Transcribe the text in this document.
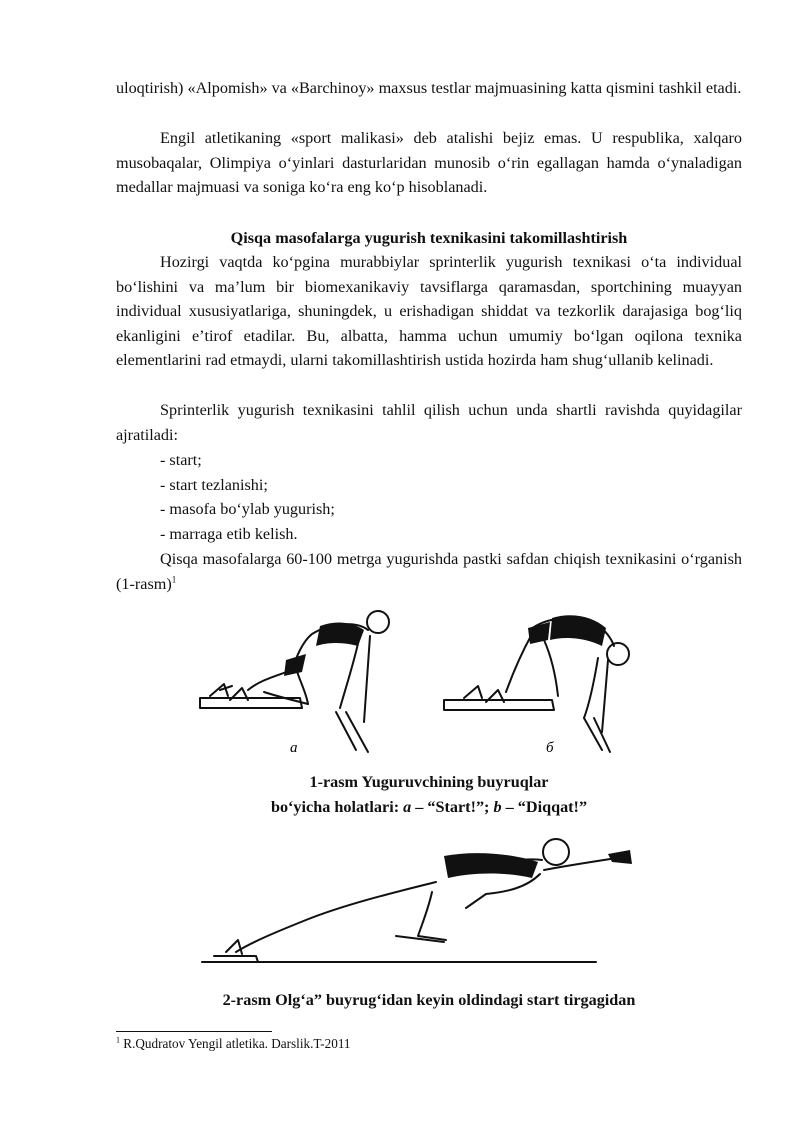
uloqtirish) «Alpomish» va «Barchinoy» maxsus testlar majmuasining katta qismini tashkil etadi.

Engil atletikaning «sport malikasi» deb atalishi bejiz emas. U respublika, xalqaro musobaqalar, Olimpiya oʻyinlari dasturlaridan munosib oʻrin egallagan hamda oʻynaladigan medallar majmuasi va soniga koʻra eng koʻp hisoblanadi.

Qisqa masofalarga yugurish texnikasini takomillashtirish

Hozirgi vaqtda koʻpgina murabbiylar sprinterlik yugurish texnikasi oʻta individual boʻlishini va maʼlum bir biomexanikaviy tavsiflarga qaramasdan, sportchining muayyan individual xususiyatlariga, shuningdek, u erishadigan shiddat va tezkorlik darajasiga bogʻliq ekanligini eʼtirof etadilar. Bu, albatta, hamma uchun umumiy boʻlgan oqilona texnika elementlarini rad etmaydi, ularni takomillashtirish ustida hozirda ham shugʻullanib kelinadi.

Sprinterlik yugurish texnikasini tahlil qilish uchun unda shartli ravishda quyidagilar ajratiladi:

- start;

- start tezlanishi;

- masofa boʻylab yugurish;

- marraga etib kelish.

Qisqa masofalarga 60-100 metrga yugurishda pastki safdan chiqish texnikasini oʻrganish (1-rasm)$^1$

а	б

1-rasm Yuguruvchining buyruqlar

boʻyicha holatlari: a – “Start!”; b – “Diqqat!”

2-rasm Olgʻa” buyrugʻidan keyin oldindagi start tirgagidan

$^1$ R.Qudratov Yengil atletika. Darslik.T-2011
